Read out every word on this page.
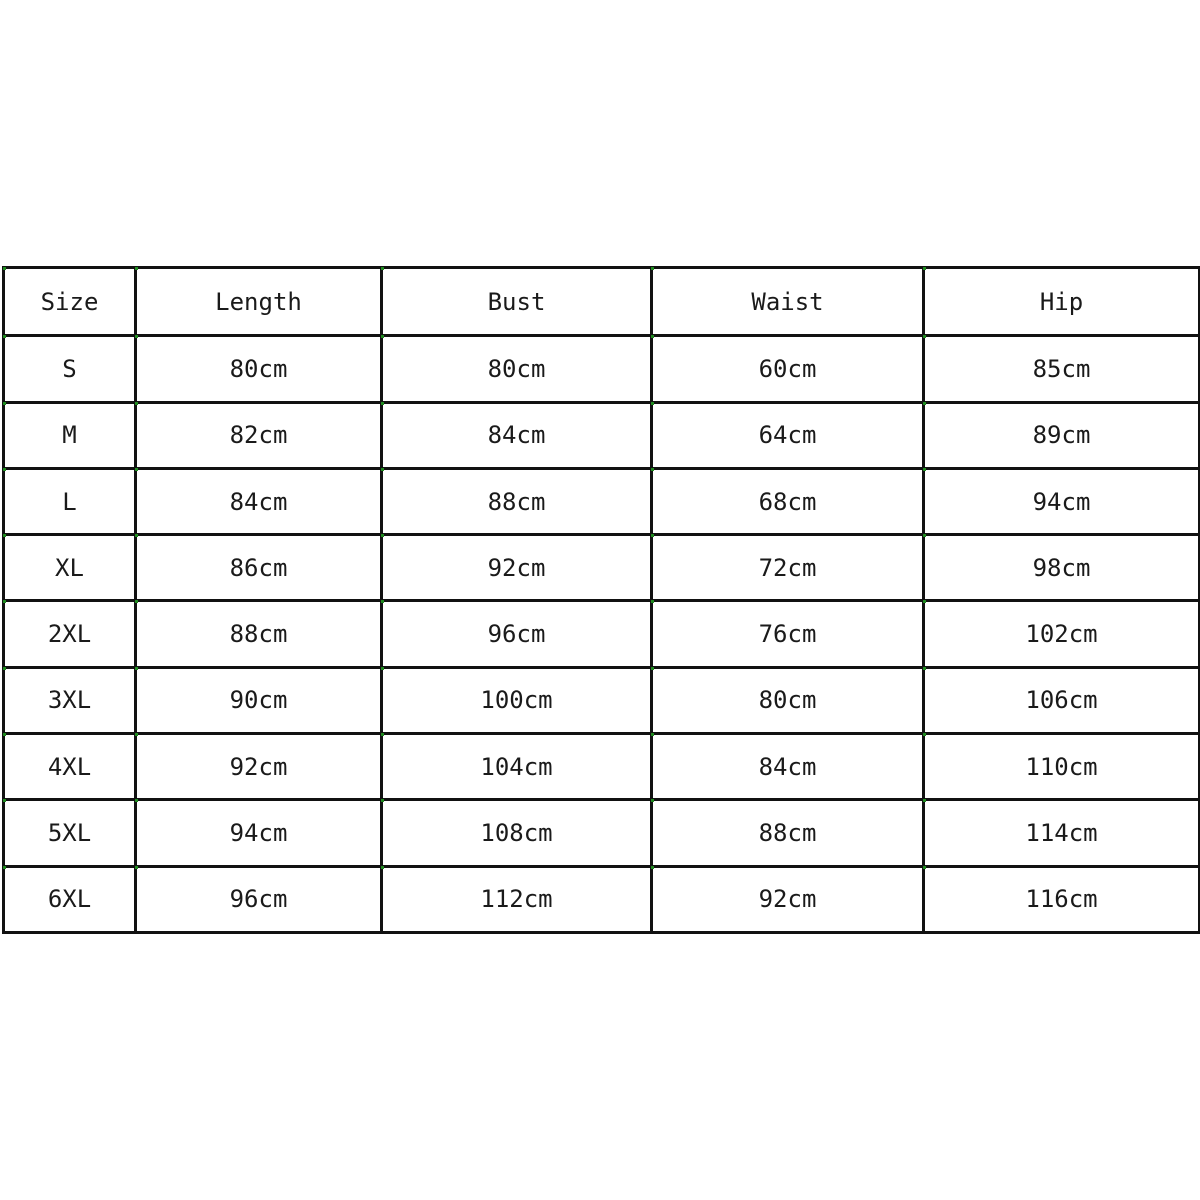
Size	Length	Bust	Waist	Hip
S	80cm	80cm	60cm	85cm
M	82cm	84cm	64cm	89cm
L	84cm	88cm	68cm	94cm
XL	86cm	92cm	72cm	98cm
2XL	88cm	96cm	76cm	102cm
3XL	90cm	100cm	80cm	106cm
4XL	92cm	104cm	84cm	110cm
5XL	94cm	108cm	88cm	114cm
6XL	96cm	112cm	92cm	116cm
